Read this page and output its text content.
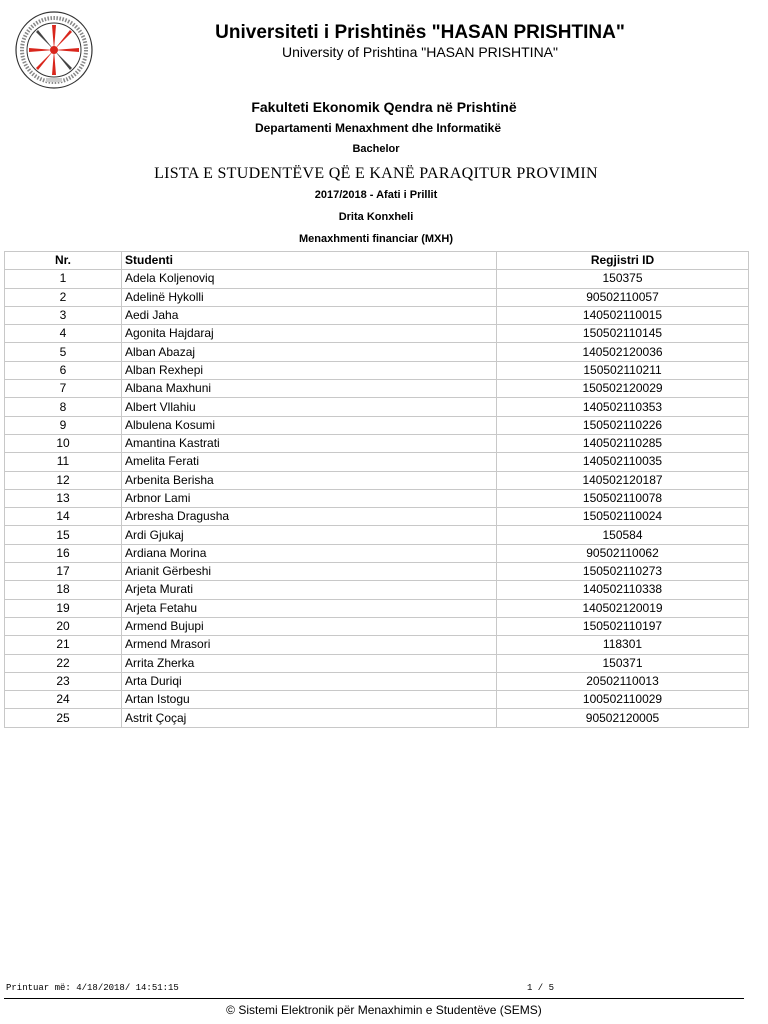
Universiteti i Prishtinës "HASAN PRISHTINA"
University of Prishtina "HASAN PRISHTINA"
Fakulteti Ekonomik Qendra në Prishtinë
Departamenti Menaxhment dhe Informatikë
Bachelor
LISTA E STUDENTËVE QË E KANË PARAQITUR PROVIMIN
2017/2018 - Afati i Prillit
Drita Konxheli
Menaxhmenti financiar (MXH)
Nr.	Studenti	Regjistri ID
1	Adela Koljenoviq	150375
2	Adelinë Hykolli	90502110057
3	Aedi Jaha	140502110015
4	Agonita Hajdaraj	150502110145
5	Alban Abazaj	140502120036
6	Alban Rexhepi	150502110211
7	Albana Maxhuni	150502120029
8	Albert Vllahiu	140502110353
9	Albulena Kosumi	150502110226
10	Amantina Kastrati	140502110285
11	Amelita Ferati	140502110035
12	Arbenita Berisha	140502120187
13	Arbnor Lami	150502110078
14	Arbresha Dragusha	150502110024
15	Ardi Gjukaj	150584
16	Ardiana Morina	90502110062
17	Arianit Gërbeshi	150502110273
18	Arjeta Murati	140502110338
19	Arjeta Fetahu	140502120019
20	Armend Bujupi	150502110197
21	Armend Mrasori	118301
22	Arrita Zherka	150371
23	Arta Duriqi	20502110013
24	Artan Istogu	100502110029
25	Astrit Çoçaj	90502120005
Printuar më: 4/18/2018/ 14:51:15	1 / 5
© Sistemi Elektronik për Menaxhimin e Studentëve (SEMS)
